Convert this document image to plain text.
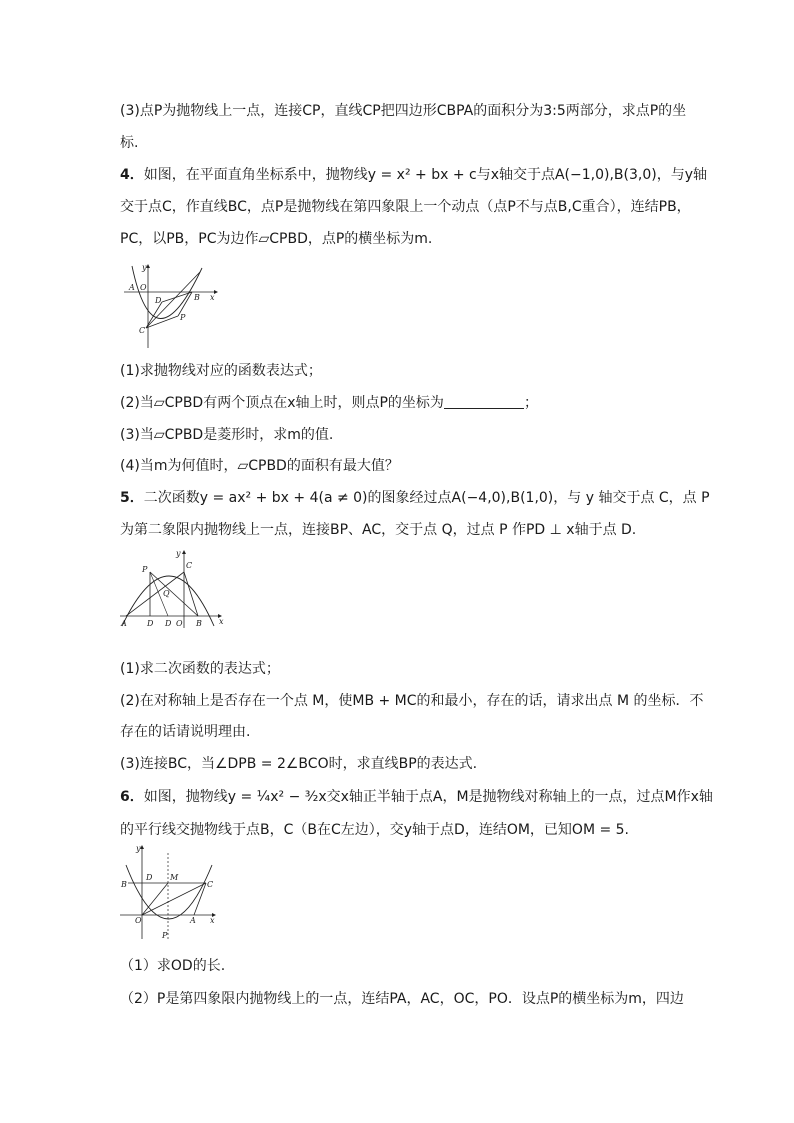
(3)点P为抛物线上一点，连接CP，直线CP把四边形CBPA的面积分为3:5两部分，求点P的坐
标.
4．如图，在平面直角坐标系中，抛物线y = x² + bx + c与x轴交于点A(−1,0),B(3,0)，与y轴
交于点C，作直线BC，点P是抛物线在第四象限上一个动点（点P不与点B,C重合），连结PB，
PC，以PB，PC为边作▱CPBD，点P的横坐标为m.
y
x
A O
B
D
C
P
(1)求抛物线对应的函数表达式；
(2)当▱CPBD有两个顶点在x轴上时，则点P的坐标为	；
(3)当▱CPBD是菱形时，求m的值.
(4)当m为何值时，▱CPBD的面积有最大值？
5．二次函数y = ax² + bx + 4(a ≠ 0)的图象经过点A(−4,0),B(1,0)，与 y 轴交于点 C，点 P
为第二象限内抛物线上一点，连接BP、AC，交于点 Q，过点 P 作PD ⊥ x轴于点 D.
y
x
A	D D O B
C
P
Q
(1)求二次函数的表达式；
(2)在对称轴上是否存在一个点 M，使MB + MC的和最小，存在的话，请求出点 M 的坐标．不
存在的话请说明理由.
(3)连接BC，当∠DPB = 2∠BCO时，求直线BP的表达式.
6．如图，抛物线y = ¼x² − ³⁄₂x交x轴正半轴于点A，M是抛物线对称轴上的一点，过点M作x轴
的平行线交抛物线于点B，C（B在C左边），交y轴于点D，连结OM，已知OM = 5.
y
x
B
D M
C
O	A
P
（1）求OD的长.
（2）P是第四象限内抛物线上的一点，连结PA，AC，OC，PO．设点P的横坐标为m，四边
